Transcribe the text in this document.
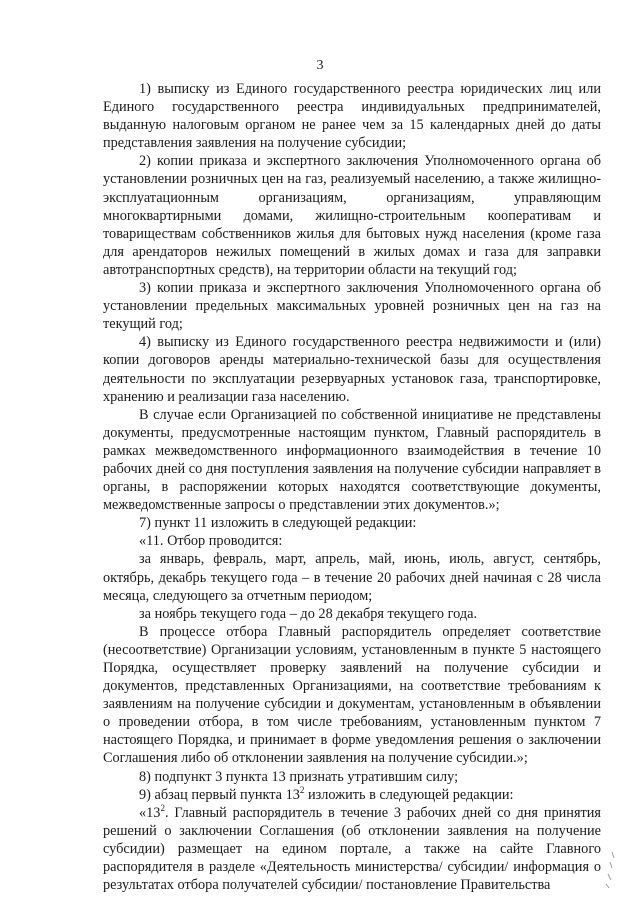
3

1) выписку из Единого государственного реестра юридических лиц или Единого государственного реестра индивидуальных предпринимателей, выданную налоговым органом не ранее чем за 15 календарных дней до даты представления заявления на получение субсидии;

2) копии приказа и экспертного заключения Уполномоченного органа об установлении розничных цен на газ, реализуемый населению, а также жилищно-эксплуатационным организациям, организациям, управляющим многоквартирными домами, жилищно-строительным кооперативам и товариществам собственников жилья для бытовых нужд населения (кроме газа для арендаторов нежилых помещений в жилых домах и газа для заправки автотранспортных средств), на территории области на текущий год;

3) копии приказа и экспертного заключения Уполномоченного органа об установлении предельных максимальных уровней розничных цен на газ на текущий год;

4) выписку из Единого государственного реестра недвижимости и (или) копии договоров аренды материально-технической базы для осуществления деятельности по эксплуатации резервуарных установок газа, транспортировке, хранению и реализации газа населению.

В случае если Организацией по собственной инициативе не представлены документы, предусмотренные настоящим пунктом, Главный распорядитель в рамках межведомственного информационного взаимодействия в течение 10 рабочих дней со дня поступления заявления на получение субсидии направляет в органы, в распоряжении которых находятся соответствующие документы, межведомственные запросы о представлении этих документов.»;

7) пункт 11 изложить в следующей редакции:

«11. Отбор проводится:

за январь, февраль, март, апрель, май, июнь, июль, август, сентябрь, октябрь, декабрь текущего года – в течение 20 рабочих дней начиная с 28 числа месяца, следующего за отчетным периодом;

за ноябрь текущего года – до 28 декабря текущего года.

В процессе отбора Главный распорядитель определяет соответствие (несоответствие) Организации условиям, установленным в пункте 5 настоящего Порядка, осуществляет проверку заявлений на получение субсидии и документов, представленных Организациями, на соответствие требованиям к заявлениям на получение субсидии и документам, установленным в объявлении о проведении отбора, в том числе требованиям, установленным пунктом 7 настоящего Порядка, и принимает в форме уведомления решения о заключении Соглашения либо об отклонении заявления на получение субсидии.»;

8) подпункт 3 пункта 13 признать утратившим силу;

9) абзац первый пункта $13^2$ изложить в следующей редакции:

«$13^2$. Главный распорядитель в течение 3 рабочих дней со дня принятия решений о заключении Соглашения (об отклонении заявления на получение субсидии) размещает на едином портале, а также на сайте Главного распорядителя в разделе «Деятельность министерства/ субсидии/ информация о результатах отбора получателей субсидии/ постановление Правительства
